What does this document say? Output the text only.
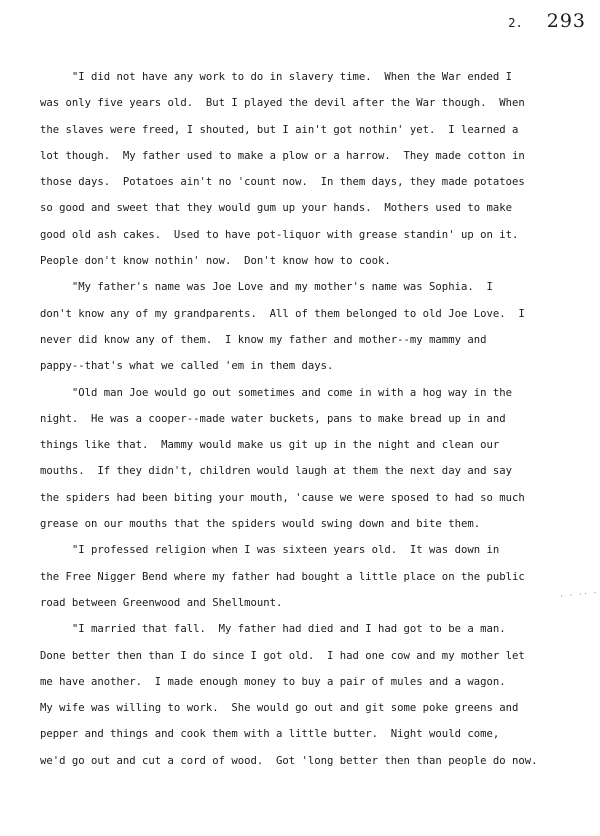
2. 293
"I did not have any work to do in slavery time.  When the War ended I
was only five years old.  But I played the devil after the War though.  When
the slaves were freed, I shouted, but I ain't got nothin' yet.  I learned a
lot though.  My father used to make a plow or a harrow.  They made cotton in
those days.  Potatoes ain't no 'count now.  In them days, they made potatoes
so good and sweet that they would gum up your hands.  Mothers used to make
good old ash cakes.  Used to have pot-liquor with grease standin' up on it.
People don't know nothin' now.  Don't know how to cook.
"My father's name was Joe Love and my mother's name was Sophia.  I
don't know any of my grandparents.  All of them belonged to old Joe Love.  I
never did know any of them.  I know my father and mother--my mammy and
pappy--that's what we called 'em in them days.
"Old man Joe would go out sometimes and come in with a hog way in the
night.  He was a cooper--made water buckets, pans to make bread up in and
things like that.  Mammy would make us git up in the night and clean our
mouths.  If they didn't, children would laugh at them the next day and say
the spiders had been biting your mouth, 'cause we were sposed to had so much
grease on our mouths that the spiders would swing down and bite them.
"I professed religion when I was sixteen years old.  It was down in
the Free Nigger Bend where my father had bought a little place on the public
road between Greenwood and Shellmount.
"I married that fall.  My father had died and I had got to be a man.
Done better then than I do since I got old.  I had one cow and my mother let
me have another.  I made enough money to buy a pair of mules and a wagon.
My wife was willing to work.  She would go out and git some poke greens and
pepper and things and cook them with a little butter.  Night would come,
we'd go out and cut a cord of wood.  Got 'long better then than people do now.
· · ·· ·
